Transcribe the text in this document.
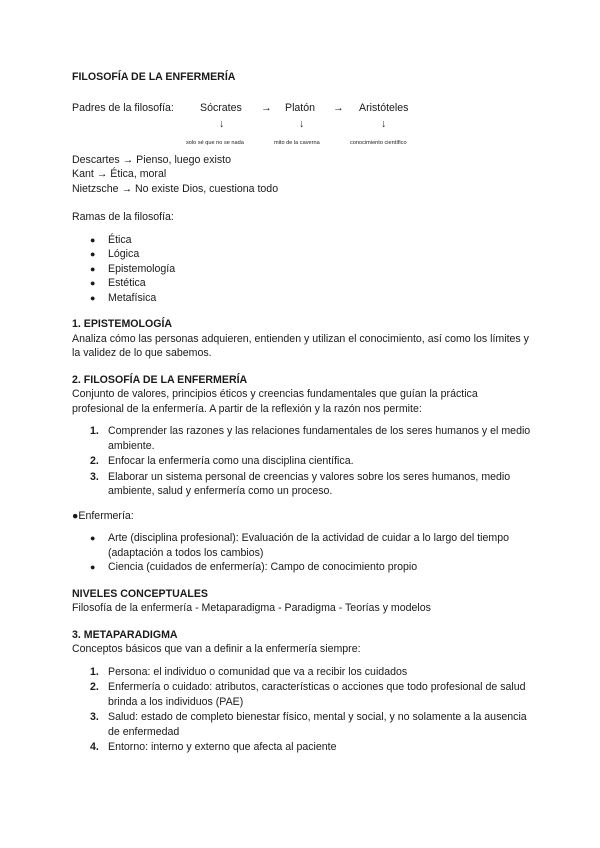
FILOSOFÍA DE LA ENFERMERÍA

Padres de la filosofía: Sócrates → Platón → Aristóteles
↓	↓	↓
solo sé que no se nada	mito de la caverna	conocimiento científico

Descartes → Pienso, luego existo

Kant → Ética, moral

Nietzsche → No existe Dios, cuestiona todo

Ramas de la filosofía:

● Ética
● Lógica
● Epistemología
● Estética
● Metafísica

1. EPISTEMOLOGÍA

Analiza cómo las personas adquieren, entienden y utilizan el conocimiento, así como los límites y la validez de lo que sabemos.

2. FILOSOFÍA DE LA ENFERMERÍA

Conjunto de valores, principios éticos y creencias fundamentales que guían la práctica profesional de la enfermería. A partir de la reflexión y la razón nos permite:

1. Comprender las razones y las relaciones fundamentales de los seres humanos y el medio ambiente.
2. Enfocar la enfermería como una disciplina científica.
3. Elaborar un sistema personal de creencias y valores sobre los seres humanos, medio ambiente, salud y enfermería como un proceso.

●Enfermería:

● Arte (disciplina profesional): Evaluación de la actividad de cuidar a lo largo del tiempo (adaptación a todos los cambios)
● Ciencia (cuidados de enfermería): Campo de conocimiento propio

NIVELES CONCEPTUALES

Filosofía de la enfermería - Metaparadigma - Paradigma - Teorías y modelos

3. METAPARADIGMA

Conceptos básicos que van a definir a la enfermería siempre:

1. Persona: el individuo o comunidad que va a recibir los cuidados
2. Enfermería o cuidado: atributos, características o acciones que todo profesional de salud brinda a los individuos (PAE)
3. Salud: estado de completo bienestar físico, mental y social, y no solamente a la ausencia de enfermedad
4. Entorno: interno y externo que afecta al paciente
